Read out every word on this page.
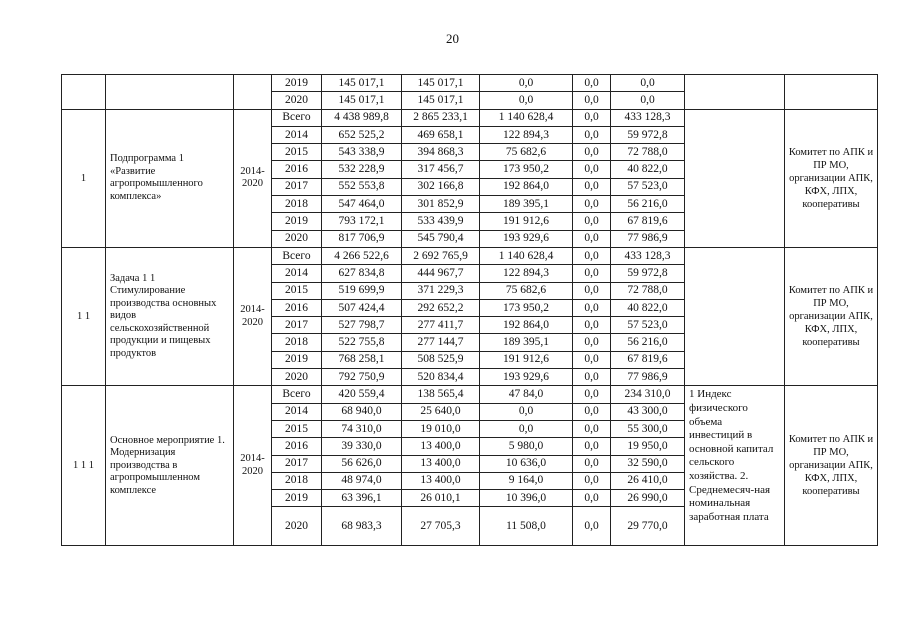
20
			2019	145 017,1	145 017,1	0,0	0,0	0,0		
			2020	145 017,1	145 017,1	0,0	0,0	0,0		
1	Подпрограмма 1 «Развитие агропромышленного комплекса»	2014-2020	Всего	4 438 989,8	2 865 233,1	1 140 628,4	0,0	433 128,3		Комитет по АПК и ПР МО, организации АПК, КФХ, ЛПХ, кооперативы
			2014	652 525,2	469 658,1	122 894,3	0,0	59 972,8		
			2015	543 338,9	394 868,3	75 682,6	0,0	72 788,0		
			2016	532 228,9	317 456,7	173 950,2	0,0	40 822,0		
			2017	552 553,8	302 166,8	192 864,0	0,0	57 523,0		
			2018	547 464,0	301 852,9	189 395,1	0,0	56 216,0		
			2019	793 172,1	533 439,9	191 912,6	0,0	67 819,6		
			2020	817 706,9	545 790,4	193 929,6	0,0	77 986,9		
1 1	Задача 1 1 Стимулирование производства основных видов сельскохозяйственной продукции и пищевых продуктов	2014-2020	Всего	4 266 522,6	2 692 765,9	1 140 628,4	0,0	433 128,3		Комитет по АПК и ПР МО, организации АПК, КФХ, ЛПХ, кооперативы
			2014	627 834,8	444 967,7	122 894,3	0,0	59 972,8		
			2015	519 699,9	371 229,3	75 682,6	0,0	72 788,0		
			2016	507 424,4	292 652,2	173 950,2	0,0	40 822,0		
			2017	527 798,7	277 411,7	192 864,0	0,0	57 523,0		
			2018	522 755,8	277 144,7	189 395,1	0,0	56 216,0		
			2019	768 258,1	508 525,9	191 912,6	0,0	67 819,6		
			2020	792 750,9	520 834,4	193 929,6	0,0	77 986,9		
1 1 1	Основное мероприятие 1. Модернизация производства в агропромышленном комплексе	2014-2020	Всего	420 559,4	138 565,4	47 84,0	0,0	234 310,0	1 Индекс физического объема инвестиций в основной капитал сельского хозяйства. 2. Среднемесяч-ная номинальная заработная плата	Комитет по АПК и ПР МО, организации АПК, КФХ, ЛПХ, кооперативы
			2014	68 940,0	25 640,0	0,0	0,0	43 300,0		
			2015	74 310,0	19 010,0	0,0	0,0	55 300,0		
			2016	39 330,0	13 400,0	5 980,0	0,0	19 950,0		
			2017	56 626,0	13 400,0	10 636,0	0,0	32 590,0		
			2018	48 974,0	13 400,0	9 164,0	0,0	26 410,0		
			2019	63 396,1	26 010,1	10 396,0	0,0	26 990,0		
			2020	68 983,3	27 705,3	11 508,0	0,0	29 770,0		
